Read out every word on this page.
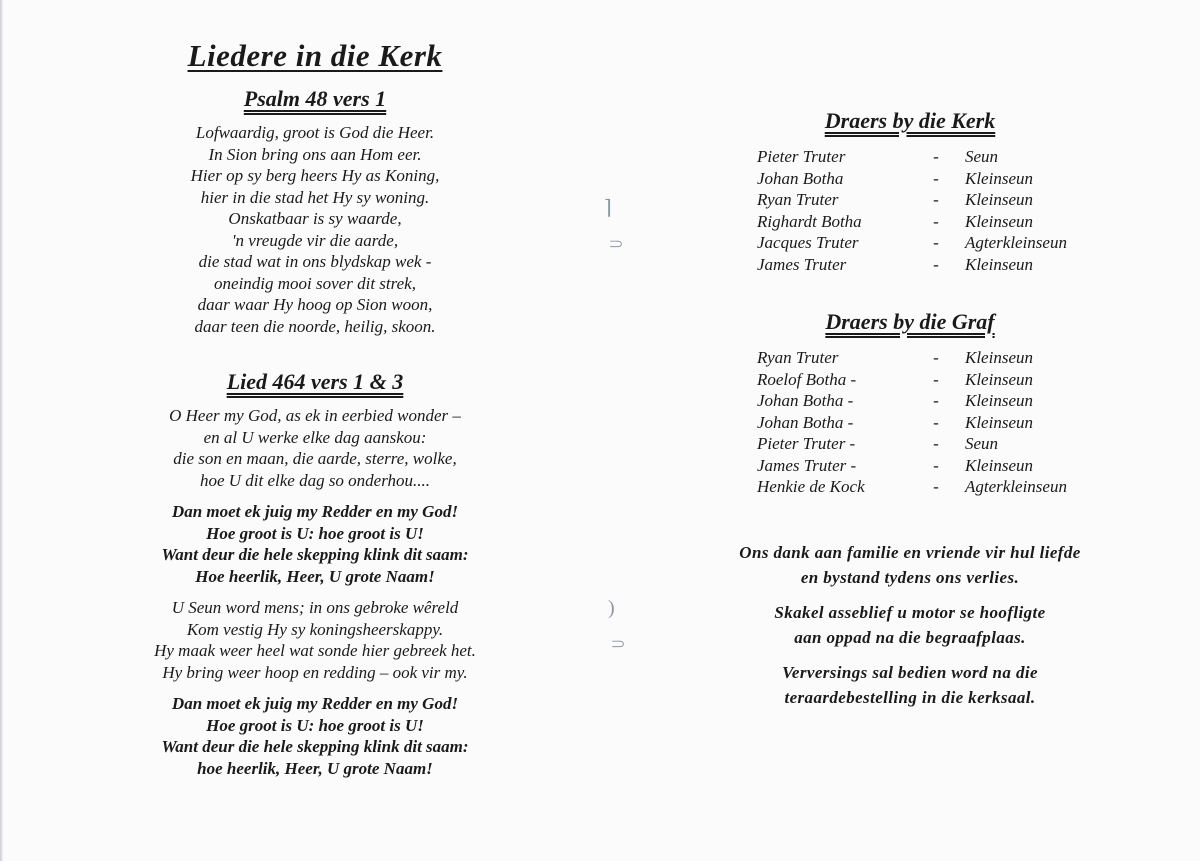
⌉
⸧
)
⸧
Liedere in die Kerk
Psalm 48 vers 1
Lofwaardig, groot is God die Heer.
In Sion bring ons aan Hom eer.
Hier op sy berg heers Hy as Koning,
hier in die stad het Hy sy woning.
Onskatbaar is sy waarde,
'n vreugde vir die aarde,
die stad wat in ons blydskap wek -
oneindig mooi sover dit strek,
daar waar Hy hoog op Sion woon,
daar teen die noorde, heilig, skoon.
Lied 464 vers 1 & 3
O Heer my God, as ek in eerbied wonder –
en al U werke elke dag aanskou:
die son en maan, die aarde, sterre, wolke,
hoe U dit elke dag so onderhou....
Dan moet ek juig my Redder en my God!
Hoe groot is U: hoe groot is U!
Want deur die hele skepping klink dit saam:
Hoe heerlik, Heer, U grote Naam!
U Seun word mens; in ons gebroke wêreld
Kom vestig Hy sy koningsheerskappy.
Hy maak weer heel wat sonde hier gebreek het.
Hy bring weer hoop en redding – ook vir my.
Dan moet ek juig my Redder en my God!
Hoe groot is U: hoe groot is U!
Want deur die hele skepping klink dit saam:
hoe heerlik, Heer, U grote Naam!
Draers by die Kerk
Pieter Truter	-	Seun
Johan Botha	-	Kleinseun
Ryan Truter	-	Kleinseun
Righardt Botha	-	Kleinseun
Jacques Truter	-	Agterkleinseun
James Truter	-	Kleinseun
Draers by die Graf
Ryan Truter	-	Kleinseun
Roelof Botha -	-	Kleinseun
Johan Botha -	-	Kleinseun
Johan Botha -	-	Kleinseun
Pieter Truter -	-	Seun
James Truter -	-	Kleinseun
Henkie de Kock	-	Agterkleinseun
Ons dank aan familie en vriende vir hul liefde
en bystand tydens ons verlies.
Skakel asseblief u motor se hoofligte
aan oppad na die begraafplaas.
Verversings sal bedien word na die
teraardebestelling in die kerksaal.
